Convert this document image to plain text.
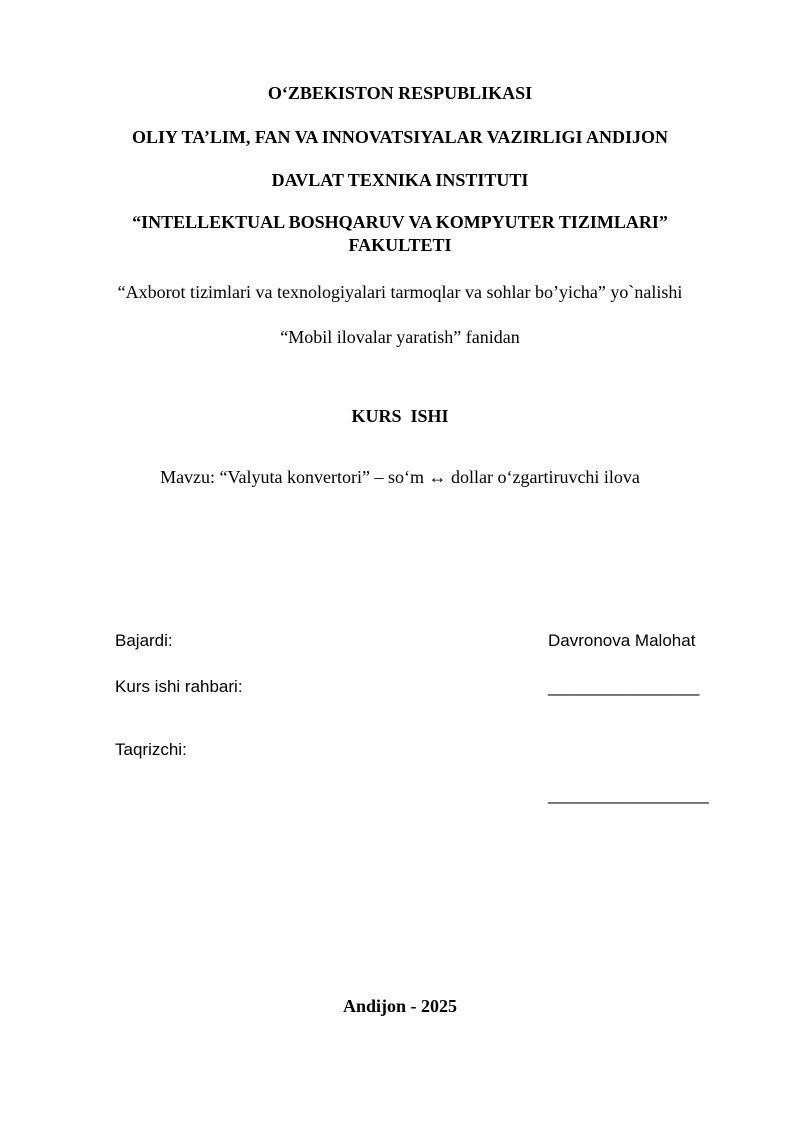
O‘ZBEKISTON RESPUBLIKASI
OLIY TA’LIM, FAN VA INNOVATSIYALAR VAZIRLIGI ANDIJON
DAVLAT TEXNIKA INSTITUTI
“INTELLEKTUAL BOSHQARUV VA KOMPYUTER TIZIMLARI”
FAKULTETI
“Axborot tizimlari va texnologiyalari tarmoqlar va sohlar bo’yicha” yo`nalishi
“Mobil ilovalar yaratish” fanidan
KURS  ISHI
Mavzu: “Valyuta konvertori” – so‘m ↔ dollar o‘zgartiruvchi ilova
Bajardi:	Davronova Malohat
Kurs ishi rahbari:	________________
Taqrizchi:
_________________
Andijon - 2025
